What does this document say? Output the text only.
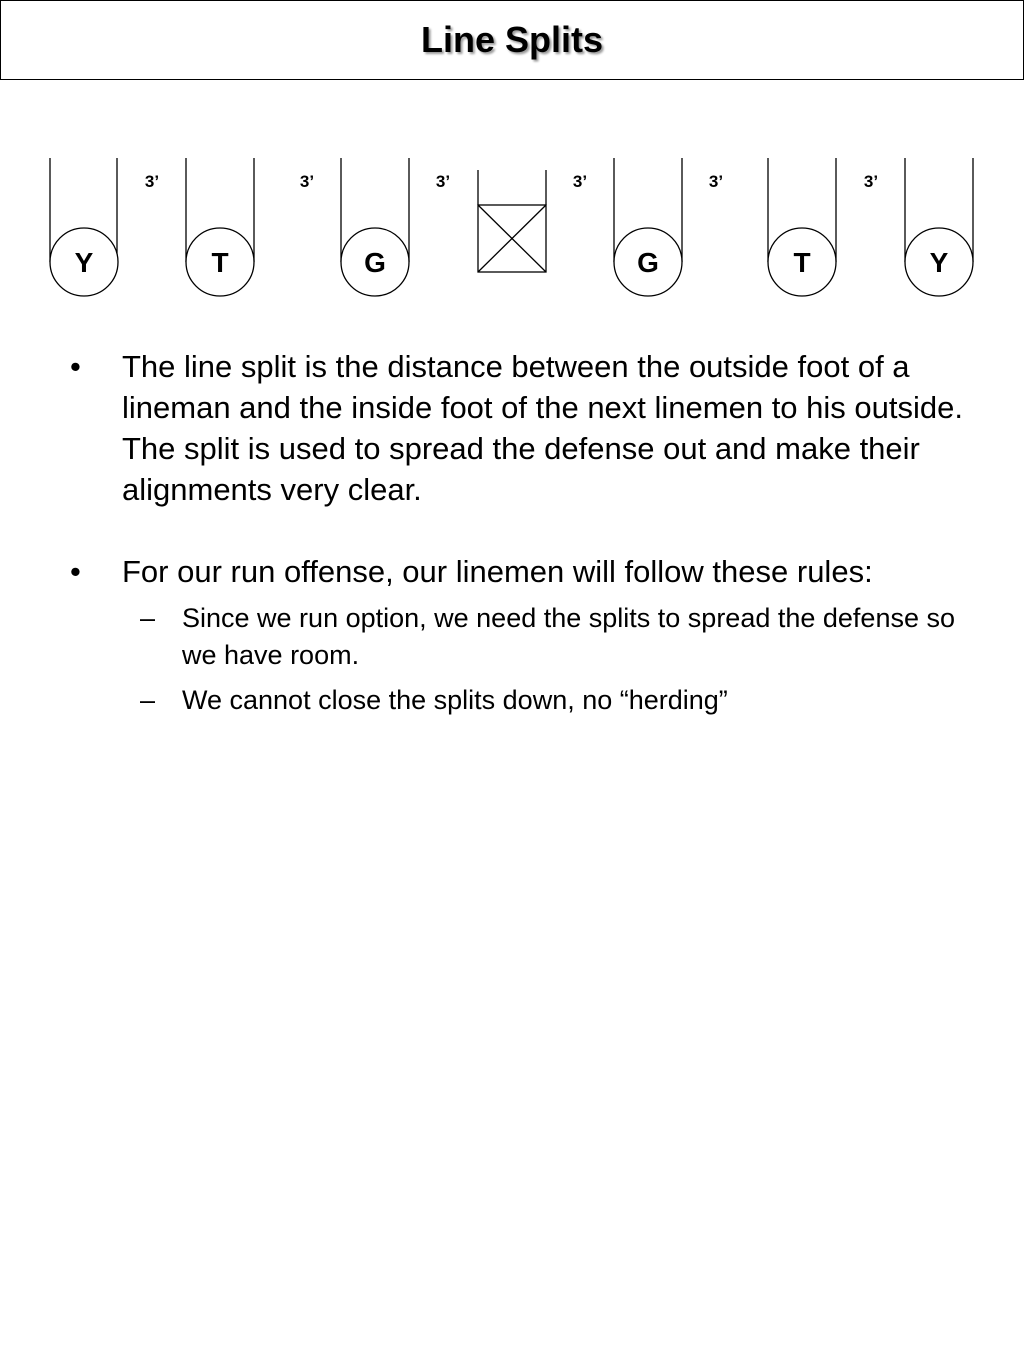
Line Splits
Y	T	G	G	T	Y
3’	3’	3’	3’	3’	3’

• The line split is the distance between the outside foot of a lineman and the inside foot of the next linemen to his outside. The split is used to spread the defense out and make their alignments very clear.

• For our run offense, our linemen will follow these rules:

– Since we run option, we need the splits to spread the defense so we have room.

– We cannot close the splits down, no “herding”
